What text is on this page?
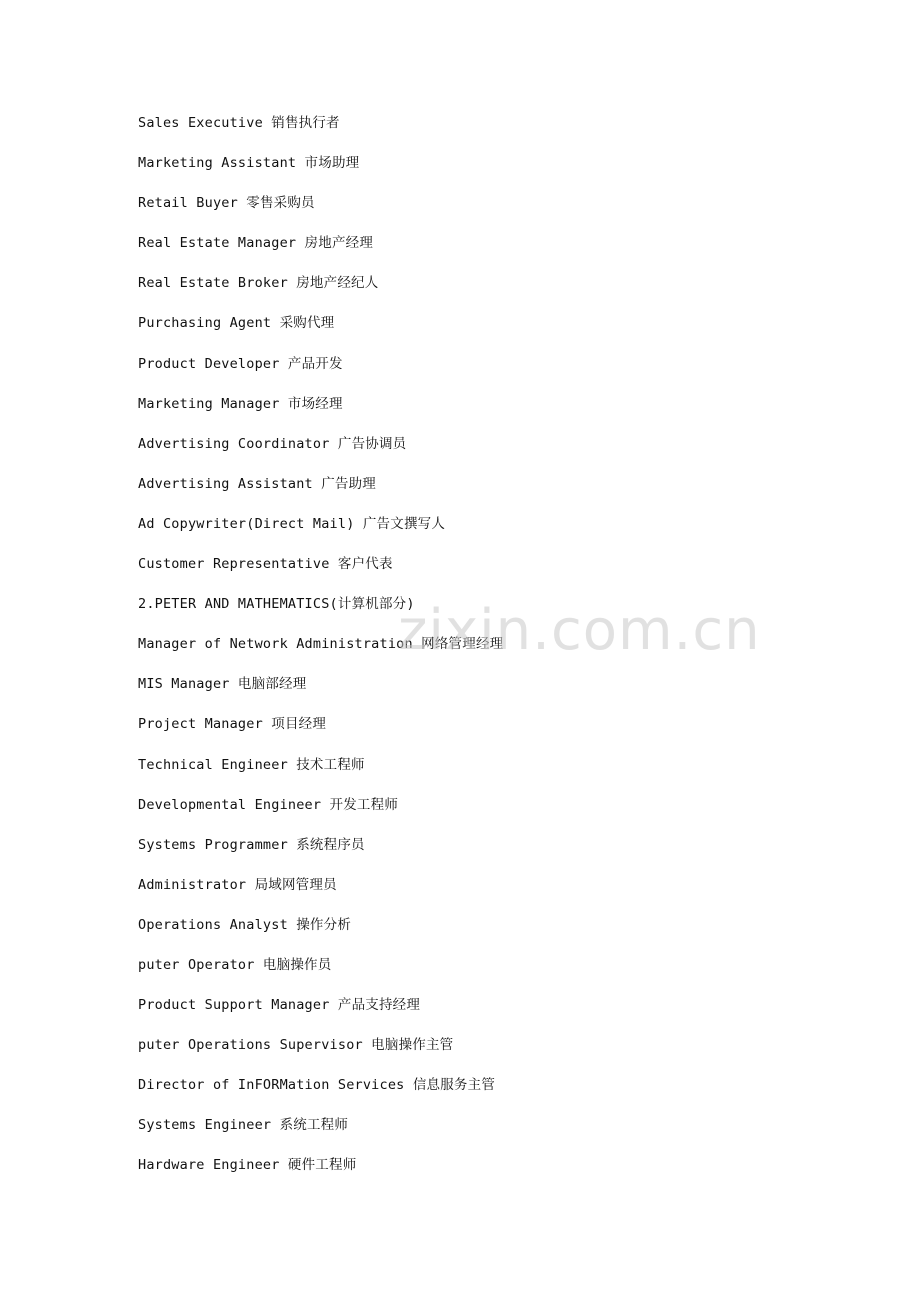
Sales Executive 销售执行者
Marketing Assistant 市场助理
Retail Buyer 零售采购员
Real Estate Manager 房地产经理
Real Estate Broker 房地产经纪人
Purchasing Agent 采购代理
Product Developer 产品开发
Marketing Manager 市场经理
Advertising Coordinator 广告协调员
Advertising Assistant 广告助理
Ad Copywriter(Direct Mail) 广告文撰写人
Customer Representative 客户代表
2.PETER AND MATHEMATICS(计算机部分)
Manager of Network Administration 网络管理经理
MIS Manager 电脑部经理
Project Manager 项目经理
Technical Engineer 技术工程师
Developmental Engineer 开发工程师
Systems Programmer 系统程序员
Administrator 局域网管理员
Operations Analyst 操作分析
puter Operator 电脑操作员
Product Support Manager 产品支持经理
puter Operations Supervisor 电脑操作主管
Director of InFORMation Services 信息服务主管
Systems Engineer 系统工程师
Hardware Engineer 硬件工程师
zixin.com.cn
